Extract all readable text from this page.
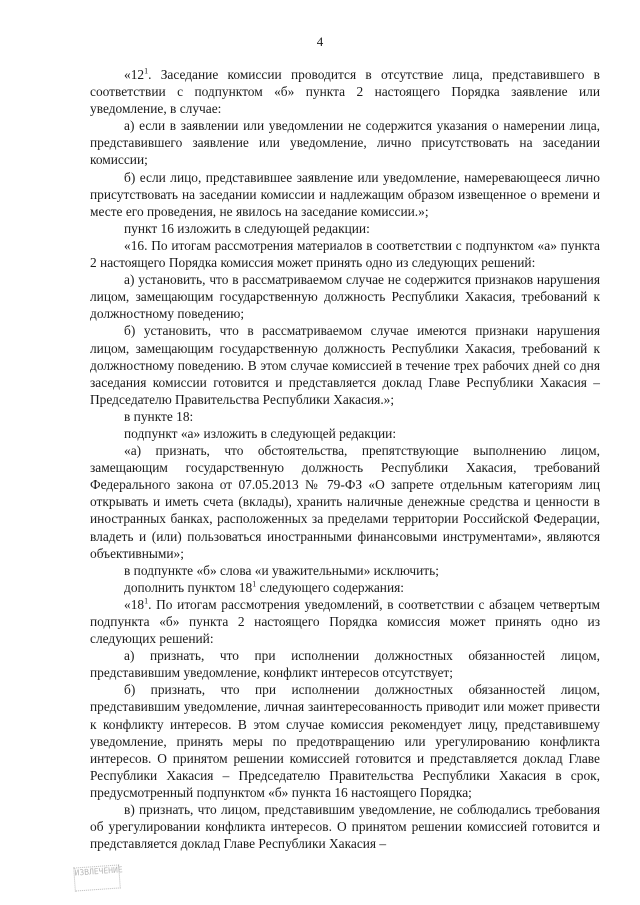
4

«$12^1$. Заседание комиссии проводится в отсутствие лица, представившего в соответствии с подпунктом «б» пункта 2 настоящего Порядка заявление или уведомление, в случае:

а) если в заявлении или уведомлении не содержится указания о намерении лица, представившего заявление или уведомление, лично присутствовать на заседании комиссии;

б) если лицо, представившее заявление или уведомление, намеревающееся лично присутствовать на заседании комиссии и надлежащим образом извещенное о времени и месте его проведения, не явилось на заседание комиссии.»;

пункт 16 изложить в следующей редакции:

«16. По итогам рассмотрения материалов в соответствии с подпунктом «а» пункта 2 настоящего Порядка комиссия может принять одно из следующих решений:

а) установить, что в рассматриваемом случае не содержится признаков нарушения лицом, замещающим государственную должность Республики Хакасия, требований к должностному поведению;

б) установить, что в рассматриваемом случае имеются признаки нарушения лицом, замещающим государственную должность Республики Хакасия, требований к должностному поведению. В этом случае комиссией в течение трех рабочих дней со дня заседания комиссии готовится и представляется доклад Главе Республики Хакасия – Председателю Правительства Республики Хакасия.»;

в пункте 18:

подпункт «а» изложить в следующей редакции:

«а) признать, что обстоятельства, препятствующие выполнению лицом, замещающим государственную должность Республики Хакасия, требований Федерального закона от 07.05.2013 № 79-ФЗ «О запрете отдельным категориям лиц открывать и иметь счета (вклады), хранить наличные денежные средства и ценности в иностранных банках, расположенных за пределами территории Российской Федерации, владеть и (или) пользоваться иностранными финансовыми инструментами», являются объективными»;

в подпункте «б» слова «и уважительными» исключить;

дополнить пунктом $18^1$ следующего содержания:

«$18^1$. По итогам рассмотрения уведомлений, в соответствии с абзацем четвертым подпункта «б» пункта 2 настоящего Порядка комиссия может принять одно из следующих решений:

а) признать, что при исполнении должностных обязанностей лицом, представившим уведомление, конфликт интересов отсутствует;

б) признать, что при исполнении должностных обязанностей лицом, представившим уведомление, личная заинтересованность приводит или может привести к конфликту интересов. В этом случае комиссия рекомендует лицу, представившему уведомление, принять меры по предотвращению или урегулированию конфликта интересов. О принятом решении комиссией готовится и представляется доклад Главе Республики Хакасия – Председателю Правительства Республики Хакасия в срок, предусмотренный подпунктом «б» пункта 16 настоящего Порядка;

в) признать, что лицом, представившим уведомление, не соблюдались требования об урегулировании конфликта интересов. О принятом решении комиссией готовится и представляется доклад Главе Республики Хакасия –

ИЗВЛЕЧЕНИЕ
